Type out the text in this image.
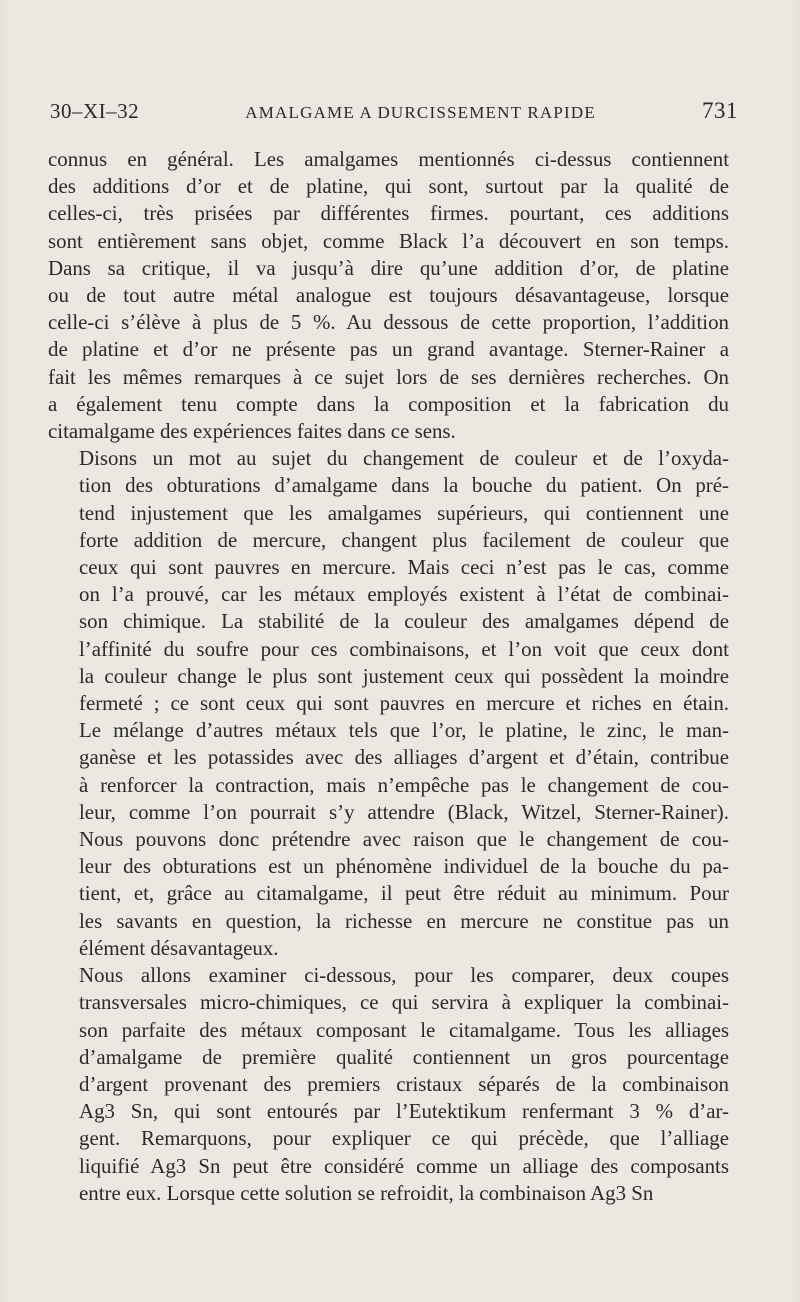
30–XI–32	AMALGAME A DURCISSEMENT RAPIDE	731
connus en général. Les amalgames mentionnés ci-dessus contiennent
des additions d’or et de platine, qui sont, surtout par la qualité de
celles-ci, très prisées par différentes firmes. pourtant, ces additions
sont entièrement sans objet, comme Black l’a découvert en son temps.
Dans sa critique, il va jusqu’à dire qu’une addition d’or, de platine
ou de tout autre métal analogue est toujours désavantageuse, lorsque
celle-ci s’élève à plus de 5 %. Au dessous de cette proportion, l’addition
de platine et d’or ne présente pas un grand avantage. Sterner-Rainer a
fait les mêmes remarques à ce sujet lors de ses dernières recherches. On
a également tenu compte dans la composition et la fabrication du
citamalgame des expériences faites dans ce sens.
Disons un mot au sujet du changement de couleur et de l’oxyda-
tion des obturations d’amalgame dans la bouche du patient. On pré-
tend injustement que les amalgames supérieurs, qui contiennent une
forte addition de mercure, changent plus facilement de couleur que
ceux qui sont pauvres en mercure. Mais ceci n’est pas le cas, comme
on l’a prouvé, car les métaux employés existent à l’état de combinai-
son chimique. La stabilité de la couleur des amalgames dépend de
l’affinité du soufre pour ces combinaisons, et l’on voit que ceux dont
la couleur change le plus sont justement ceux qui possèdent la moindre
fermeté ; ce sont ceux qui sont pauvres en mercure et riches en étain.
Le mélange d’autres métaux tels que l’or, le platine, le zinc, le man-
ganèse et les potassides avec des alliages d’argent et d’étain, contribue
à renforcer la contraction, mais n’empêche pas le changement de cou-
leur, comme l’on pourrait s’y attendre (Black, Witzel, Sterner-Rainer).
Nous pouvons donc prétendre avec raison que le changement de cou-
leur des obturations est un phénomène individuel de la bouche du pa-
tient, et, grâce au citamalgame, il peut être réduit au minimum. Pour
les savants en question, la richesse en mercure ne constitue pas un
élément désavantageux.
Nous allons examiner ci-dessous, pour les comparer, deux coupes
transversales micro-chimiques, ce qui servira à expliquer la combinai-
son parfaite des métaux composant le citamalgame. Tous les alliages
d’amalgame de première qualité contiennent un gros pourcentage
d’argent provenant des premiers cristaux séparés de la combinaison
Ag3 Sn, qui sont entourés par l’Eutektikum renfermant 3 % d’ar-
gent. Remarquons, pour expliquer ce qui précède, que l’alliage
liquifié Ag3 Sn peut être considéré comme un alliage des composants
entre eux. Lorsque cette solution se refroidit, la combinaison Ag3 Sn
